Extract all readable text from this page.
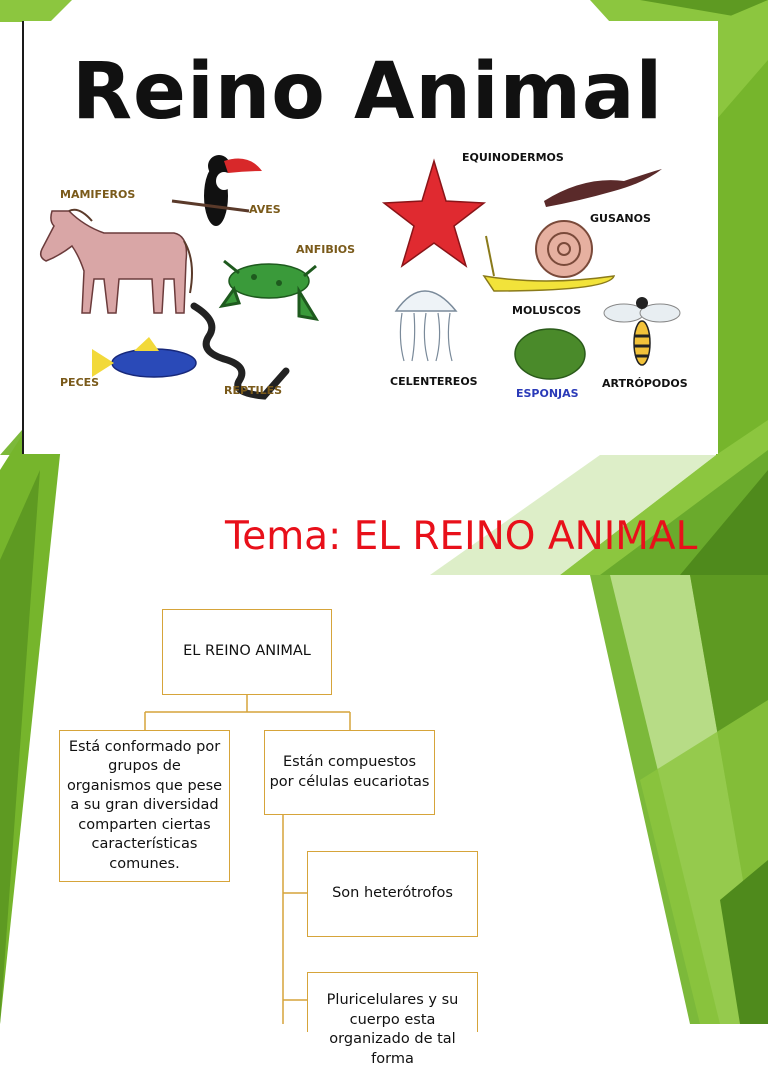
Reino Animal
MAMIFEROS
AVES
ANFIBIOS
PECES
REPTILES
EQUINODERMOS
GUSANOS
MOLUSCOS
CELENTEREOS
ESPONJAS
ARTRÓPODOS
Tema: EL REINO ANIMAL
EL REINO ANIMAL
Está conformado por grupos de organismos que pese a su gran diversidad comparten ciertas características comunes.
Están compuestos por células eucariotas
Son heterótrofos
Pluricelulares y su cuerpo esta organizado de tal forma
